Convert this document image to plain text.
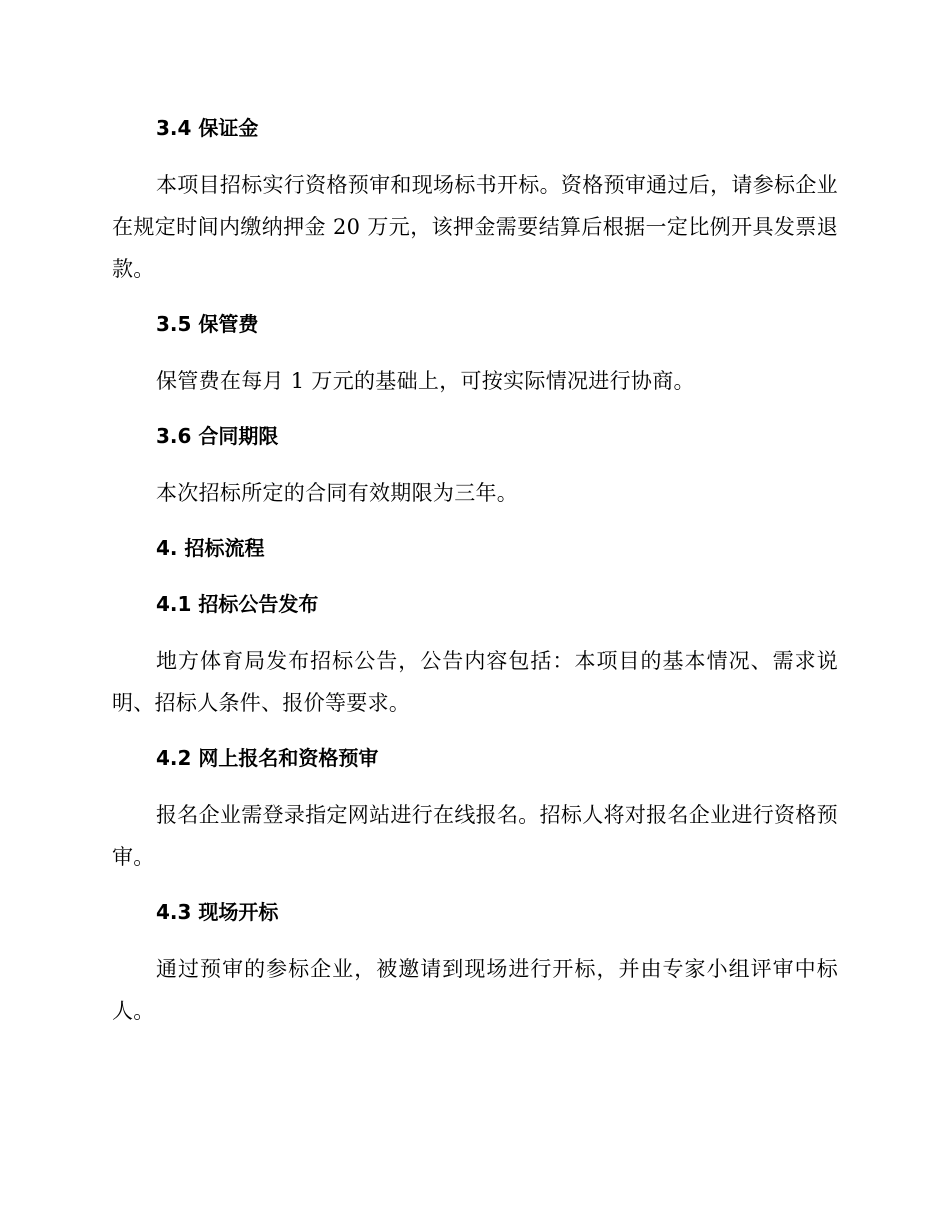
3.4 保证金

本项目招标实行资格预审和现场标书开标。资格预审通过后，请参标企业在规定时间内缴纳押金 20 万元，该押金需要结算后根据一定比例开具发票退款。

3.5 保管费

保管费在每月 1 万元的基础上，可按实际情况进行协商。

3.6 合同期限

本次招标所定的合同有效期限为三年。

4. 招标流程
4.1 招标公告发布

地方体育局发布招标公告，公告内容包括：本项目的基本情况、需求说明、招标人条件、报价等要求。

4.2 网上报名和资格预审

报名企业需登录指定网站进行在线报名。招标人将对报名企业进行资格预审。

4.3 现场开标

通过预审的参标企业，被邀请到现场进行开标，并由专家小组评审中标人。
